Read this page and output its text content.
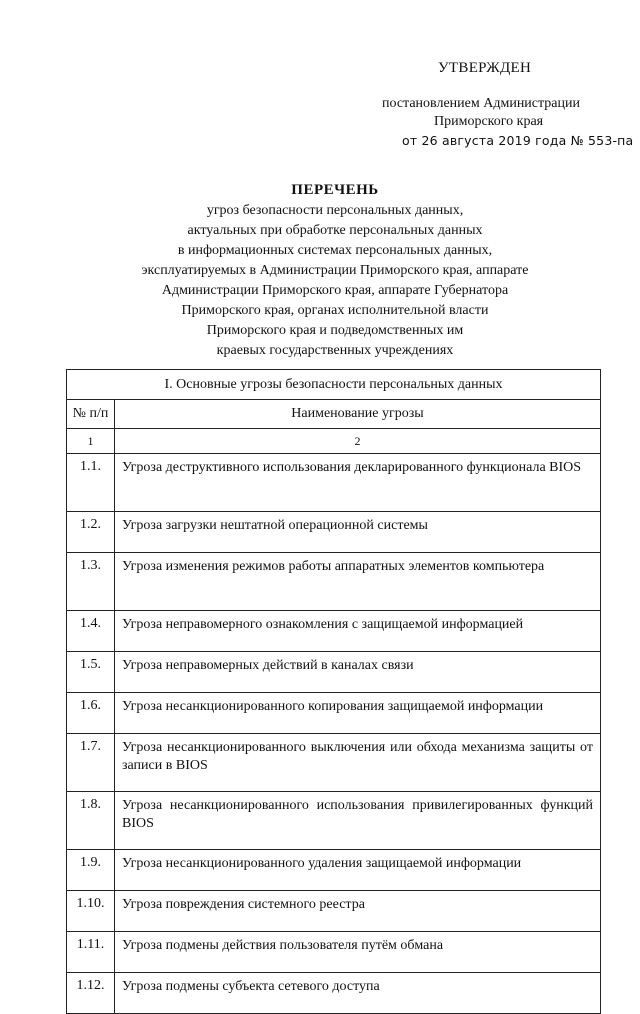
УТВЕРЖДЕН
постановлением Администрации
Приморского края
от 26 августа 2019 года № 553-па
ПЕРЕЧЕНЬ
угроз безопасности персональных данных,
актуальных при обработке персональных данных
в информационных системах персональных данных,
эксплуатируемых в Администрации Приморского края, аппарате
Администрации Приморского края, аппарате Губернатора
Приморского края, органах исполнительной власти
Приморского края и подведомственных им
краевых государственных учреждениях
I. Основные угрозы безопасности персональных данных	
№ п/п	Наименование угрозы
1	2
1.1.	Угроза деструктивного использования декларированного функционала BIOS
1.2.	Угроза загрузки нештатной операционной системы
1.3.	Угроза изменения режимов работы аппаратных элементов компьютера
1.4.	Угроза неправомерного ознакомления с защищаемой информацией
1.5.	Угроза неправомерных действий в каналах связи
1.6.	Угроза несанкционированного копирования защищаемой информации
1.7.	Угроза несанкционированного выключения или обхода механизма защиты от записи в BIOS
1.8.	Угроза несанкционированного использования привилегированных функций BIOS
1.9.	Угроза несанкционированного удаления защищаемой информации
1.10.	Угроза повреждения системного реестра
1.11.	Угроза подмены действия пользователя путём обмана
1.12.	Угроза подмены субъекта сетевого доступа
